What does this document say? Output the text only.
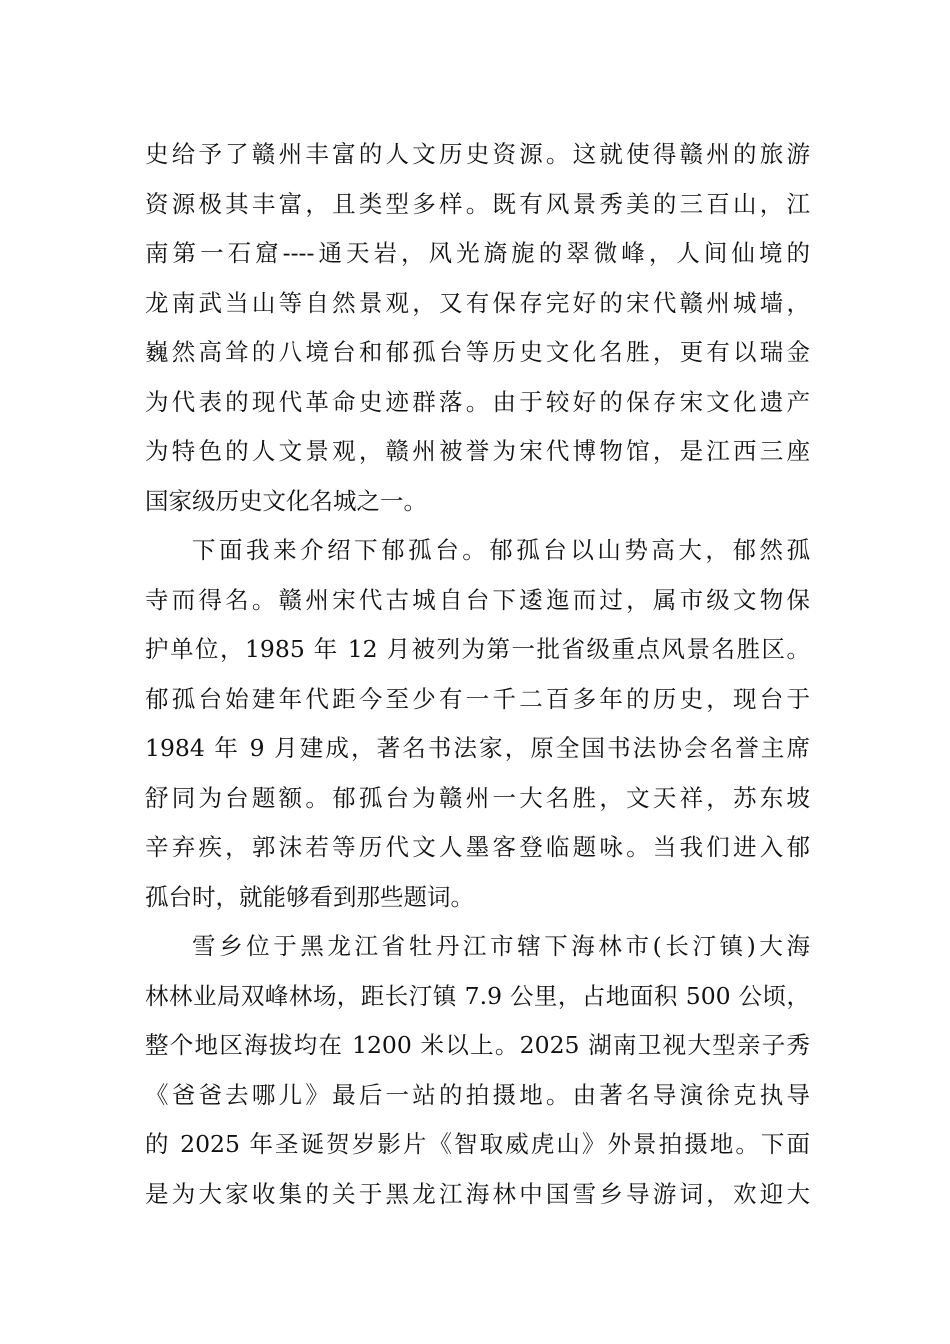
史给予了赣州丰富的人文历史资源。这就使得赣州的旅游
资源极其丰富，且类型多样。既有风景秀美的三百山，江
南第一石窟----通天岩，风光旖旎的翠微峰，人间仙境的
龙南武当山等自然景观，又有保存完好的宋代赣州城墙，
巍然高耸的八境台和郁孤台等历史文化名胜，更有以瑞金
为代表的现代革命史迹群落。由于较好的保存宋文化遗产
为特色的人文景观，赣州被誉为宋代博物馆，是江西三座
国家级历史文化名城之一。
下面我来介绍下郁孤台。郁孤台以山势高大，郁然孤
寺而得名。赣州宋代古城自台下逶迤而过，属市级文物保
护单位，1985 年 12 月被列为第一批省级重点风景名胜区。
郁孤台始建年代距今至少有一千二百多年的历史，现台于
1984 年 9 月建成，著名书法家，原全国书法协会名誉主席
舒同为台题额。郁孤台为赣州一大名胜，文天祥，苏东坡
辛弃疾，郭沫若等历代文人墨客登临题咏。当我们进入郁
孤台时，就能够看到那些题词。
雪乡位于黑龙江省牡丹江市辖下海林市(长汀镇)大海
林林业局双峰林场，距长汀镇 7.9 公里，占地面积 500 公顷，
整个地区海拔均在 1200 米以上。2025 湖南卫视大型亲子秀
《爸爸去哪儿》最后一站的拍摄地。由著名导演徐克执导
的 2025 年圣诞贺岁影片《智取威虎山》外景拍摄地。下面
是为大家收集的关于黑龙江海林中国雪乡导游词，欢迎大
